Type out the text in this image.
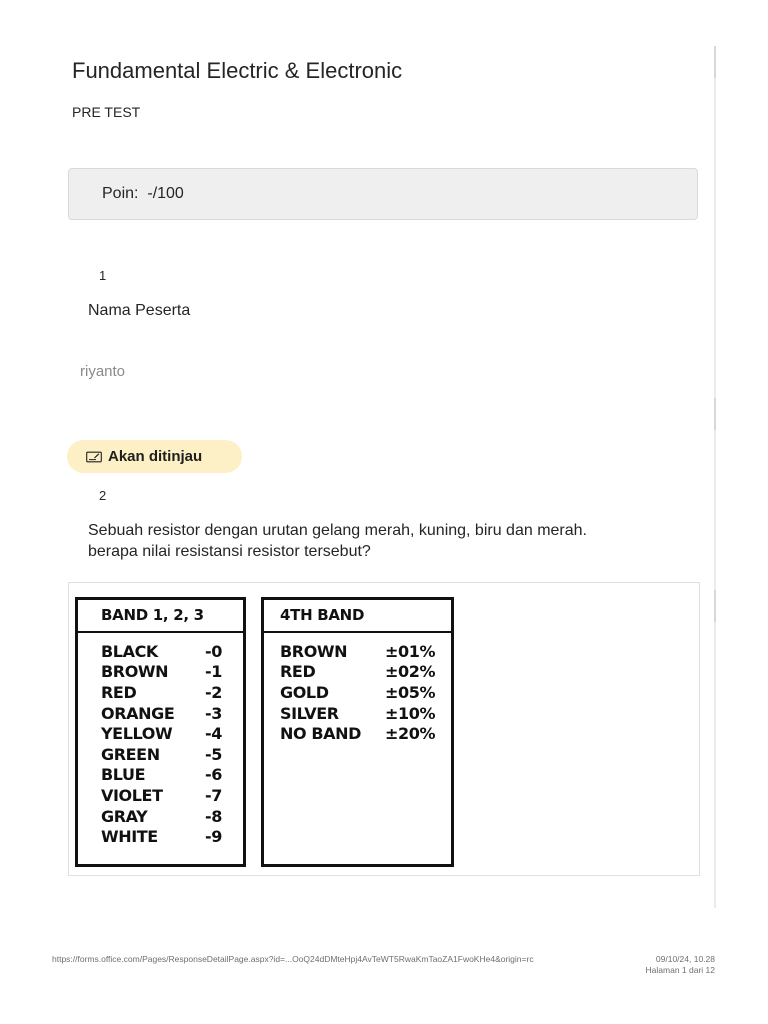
Fundamental Electric & Electronic
PRE TEST
Poin:  -/100
1
Nama Peserta
riyanto
Akan ditinjau
2
Sebuah resistor dengan urutan gelang merah, kuning, biru dan merah.
berapa nilai resistansi resistor tersebut?
BAND 1, 2, 3
BLACK	-0
BROWN	-1
RED	-2
ORANGE	-3
YELLOW	-4
GREEN	-5
BLUE	-6
VIOLET	-7
GRAY	-8
WHITE	-9
4TH BAND
BROWN	±01%
RED	±02%
GOLD	±05%
SILVER	±10%
NO BAND	±20%
https://forms.office.com/Pages/ResponseDetailPage.aspx?id=...OoQ24dDMteHpj4AvTeWT5RwaKmTaoZA1FwoKHe4&origin=rc	09/10/24, 10.28
Halaman 1 dari 12
